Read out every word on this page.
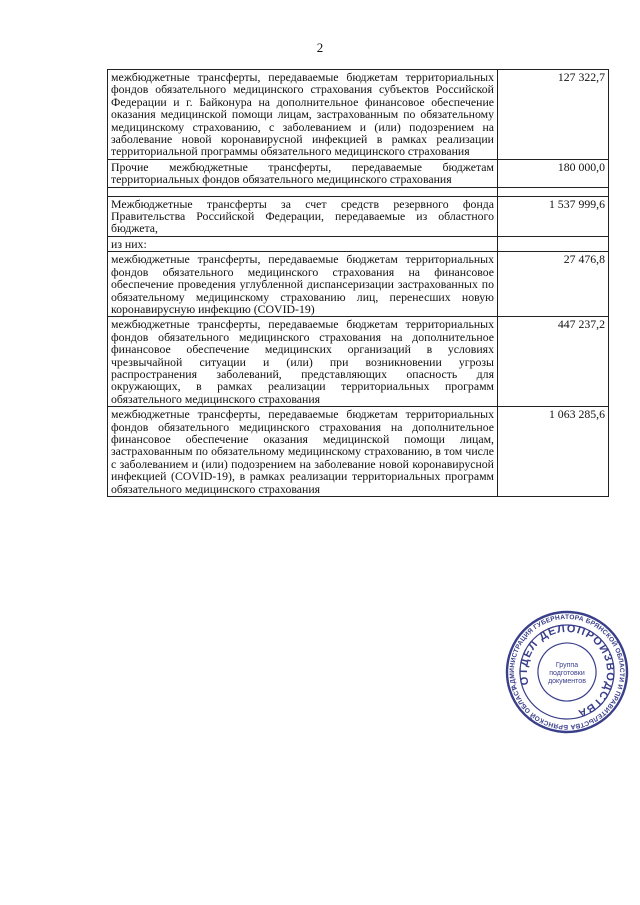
2
межбюджетные трансферты, передаваемые бюджетам территориальных фондов обязательного медицинского страхования субъектов Российской Федерации и г. Байконура на дополнительное финансовое обеспечение оказания медицинской помощи лицам, застрахованным по обязательному медицинскому страхованию, с заболеванием и (или) подозрением на заболевание новой коронавирусной инфекцией в рамках реализации территориальной программы обязательного медицинского страхования	127 322,7
Прочие межбюджетные трансферты, передаваемые бюджетам территориальных фондов обязательного медицинского страхования	180 000,0

Межбюджетные трансферты за счет средств резервного фонда Правительства Российской Федерации, передаваемые из областного бюджета,	1 537 999,6
из них:	
межбюджетные трансферты, передаваемые бюджетам территориальных фондов обязательного медицинского страхования на финансовое обеспечение проведения углубленной диспансеризации застрахованных по обязательному медицинскому страхованию лиц, перенесших новую коронавирусную инфекцию (COVID-19)	27 476,8
межбюджетные трансферты, передаваемые бюджетам территориальных фондов обязательного медицинского страхования на дополнительное финансовое обеспечение медицинских организаций в условиях чрезвычайной ситуации и (или) при возникновении угрозы распространения заболеваний, представляющих опасность для окружающих, в рамках реализации территориальных программ обязательного медицинского страхования	447 237,2
межбюджетные трансферты, передаваемые бюджетам территориальных фондов обязательного медицинского страхования на дополнительное финансовое обеспечение оказания медицинской помощи лицам, застрахованным по обязательному медицинскому страхованию, в том числе с заболеванием и (или) подозрением на заболевание новой коронавирусной инфекцией (COVID-19), в рамках реализации территориальных программ обязательного медицинского страхования	1 063 285,6
АДМИНИСТРАЦИЯ ГУБЕРНАТОРА БРЯНСКОЙ ОБЛАСТИ И ПРАВИТЕЛЬСТВА БРЯНСКОЙ ОБЛАСТИ
ОТДЕЛ ДЕЛОПРОИЗВОДСТВА
Группа
подготовки
документов
